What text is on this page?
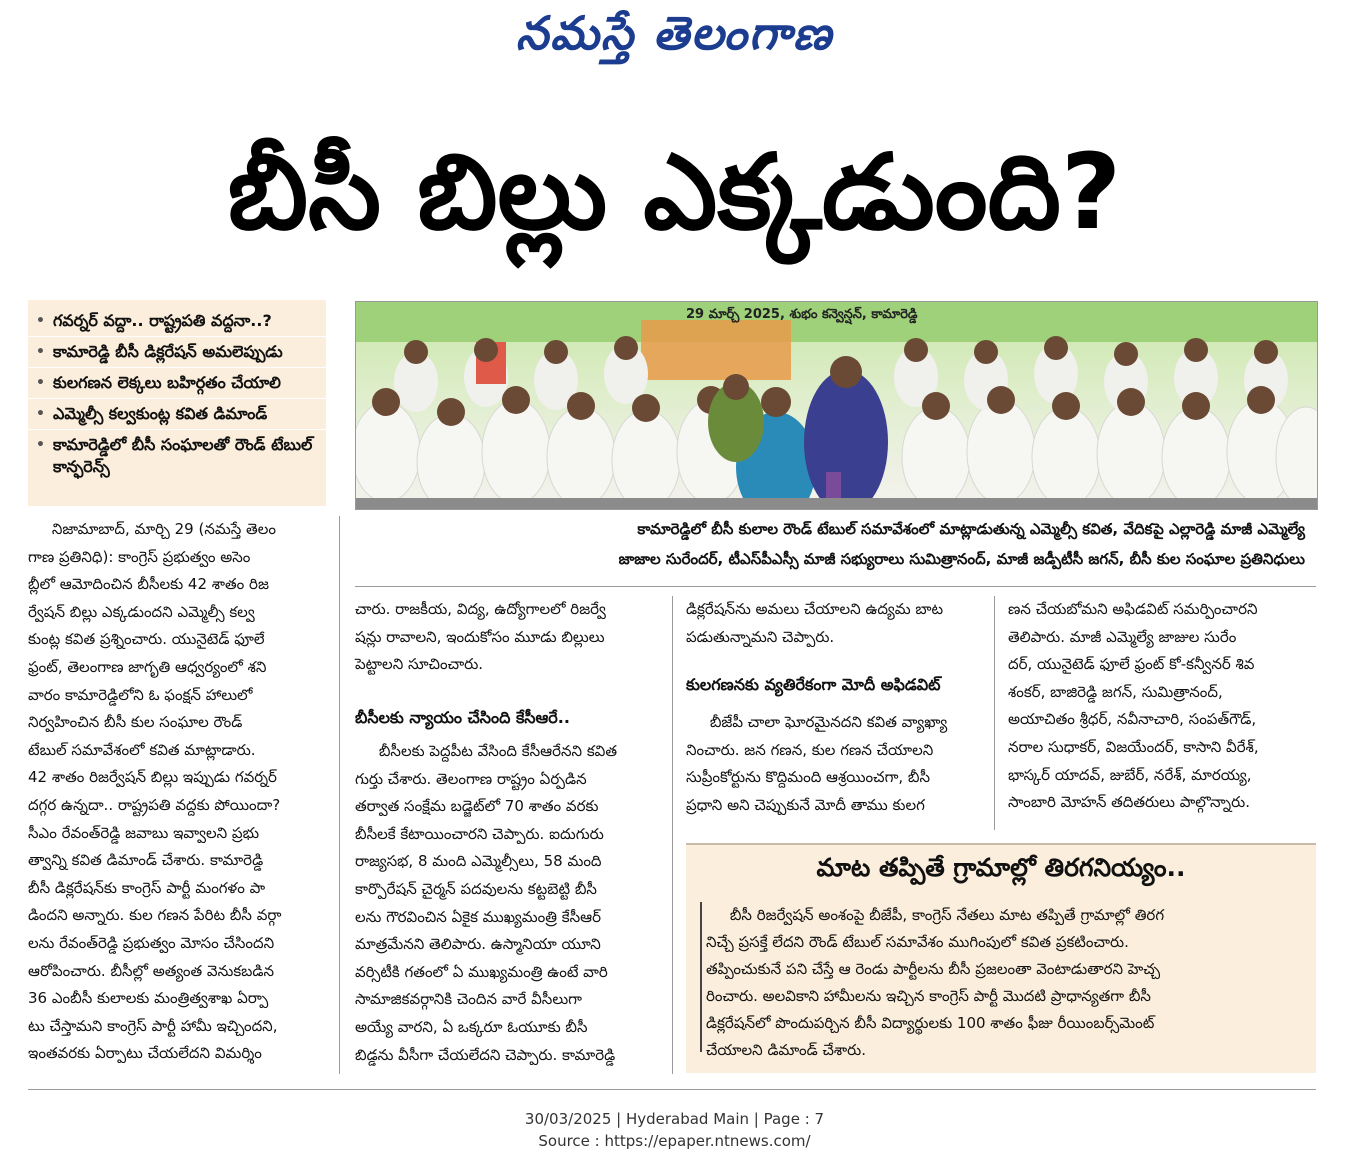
నమస్తే తెలంగాణ
బీసీ బిల్లు ఎక్కడుంది?
• గవర్నర్ వద్దా.. రాష్ట్రపతి వద్దనా..?
• కామారెడ్డి బీసీ డిక్లరేషన్ అమలెప్పుడు
• కులగణన లెక్కలు బహిర్గతం చేయాలి
• ఎమ్మెల్సీ కల్వకుంట్ల కవిత డిమాండ్
• కామారెడ్డిలో బీసీ సంఘాలతో రౌండ్ టేబుల్ కాన్ఫరెన్స్
29 మార్చ్ 2025, శుభం కన్వెన్షన్, కామారెడ్డి
కామారెడ్డిలో బీసీ కులాల రౌండ్ టేబుల్ సమావేశంలో మాట్లాడుతున్న ఎమ్మెల్సీ కవిత, వేదికపై ఎల్లారెడ్డి మాజీ ఎమ్మెల్యే
జాజాల సురేందర్, టీఎస్‌పీఎస్సీ మాజీ సభ్యురాలు సుమిత్రానంద్, మాజీ జడ్పీటీసీ జగన్, బీసీ కుల సంఘాల ప్రతినిధులు
నిజామాబాద్, మార్చి 29 (నమస్తే తెలం
గాణ ప్రతినిధి): కాంగ్రెస్ ప్రభుత్వం అసెం
బ్లీలో ఆమోదించిన బీసీలకు 42 శాతం రిజ
ర్వేషన్ బిల్లు ఎక్కడుందని ఎమ్మెల్సీ కల్వ
కుంట్ల కవిత ప్రశ్నించారు. యునైటెడ్ ఫూలే
ఫ్రంట్, తెలంగాణ జాగృతి ఆధ్వర్యంలో శని
వారం కామారెడ్డిలోని ఓ ఫంక్షన్ హాలులో
నిర్వహించిన బీసీ కుల సంఘాల రౌండ్
టేబుల్ సమావేశంలో కవిత మాట్లాడారు.
42 శాతం రిజర్వేషన్ బిల్లు ఇప్పుడు గవర్నర్
దగ్గర ఉన్నదా.. రాష్ట్రపతి వద్దకు పోయిందా?
సీఎం రేవంత్‌రెడ్డి జవాబు ఇవ్వాలని ప్రభు
త్వాన్ని కవిత డిమాండ్ చేశారు. కామారెడ్డి
బీసీ డిక్లరేషన్‌కు కాంగ్రెస్ పార్టీ మంగళం పా
డిందని అన్నారు. కుల గణన పేరిట బీసీ వర్గా
లను రేవంత్‌రెడ్డి ప్రభుత్వం మోసం చేసిందని
ఆరోపించారు. బీసీల్లో అత్యంత వెనుకబడిన
36 ఎంబీసీ కులాలకు మంత్రిత్వశాఖ ఏర్పా
టు చేస్తామని కాంగ్రెస్ పార్టీ హామీ ఇచ్చిందని,
ఇంతవరకు ఏర్పాటు చేయలేదని విమర్శిం
చారు. రాజకీయ, విద్య, ఉద్యోగాలలో రిజర్వే
షన్లు రావాలని, ఇందుకోసం మూడు బిల్లులు
పెట్టాలని సూచించారు.
బీసీలకు న్యాయం చేసింది కేసీఆరే..
బీసీలకు పెద్దపీట వేసింది కేసీఆరేనని కవిత
గుర్తు చేశారు. తెలంగాణ రాష్ట్రం ఏర్పడిన
తర్వాత సంక్షేమ బడ్జెట్‌లో 70 శాతం వరకు
బీసీలకే కేటాయించారని చెప్పారు. ఐదుగురు
రాజ్యసభ, 8 మంది ఎమ్మెల్సీలు, 58 మంది
కార్పొరేషన్ చైర్మన్ పదవులను కట్టబెట్టి బీసీ
లను గౌరవించిన ఏకైక ముఖ్యమంత్రి కేసీఆర్
మాత్రమేనని తెలిపారు. ఉస్మానియా యూని
వర్సిటీకి గతంలో ఏ ముఖ్యమంత్రి ఉంటే వారి
సామాజికవర్గానికి చెందిన వారే వీసీలుగా
అయ్యే వారని, ఏ ఒక్కరూ ఓయూకు బీసీ
బిడ్డను వీసీగా చేయలేదని చెప్పారు. కామారెడ్డి
డిక్లరేషన్‌ను అమలు చేయాలని ఉద్యమ బాట
పడుతున్నామని చెప్పారు.
కులగణనకు వ్యతిరేకంగా మోదీ అఫిడవిట్
బీజేపీ చాలా ఘోరమైనదని కవిత వ్యాఖ్యా
నించారు. జన గణన, కుల గణన చేయాలని
సుప్రీంకోర్టును కొద్దిమంది ఆశ్రయించగా, బీసీ
ప్రధాని అని చెప్పుకునే మోదీ తాము కులగ
ణన చేయబోమని అఫిడవిట్ సమర్పించారని
తెలిపారు. మాజీ ఎమ్మెల్యే జాజుల సురేం
దర్, యునైటెడ్ ఫూలే ఫ్రంట్ కో-కన్వీనర్ శివ
శంకర్, బాజిరెడ్డి జగన్, సుమిత్రానంద్,
అయాచితం శ్రీధర్, నవీనాచారి, సంపత్‌గౌడ్,
నరాల సుధాకర్, విజయేందర్, కాసాని వీరేశ్,
భాస్కర్ యాదవ్, జుబేర్, నరేశ్, మారయ్య,
సాంబారి మోహన్ తదితరులు పాల్గొన్నారు.
మాట తప్పితే గ్రామాల్లో తిరగనియ్యం..
బీసీ రిజర్వేషన్ అంశంపై బీజేపీ, కాంగ్రెస్ నేతలు మాట తప్పితే గ్రామాల్లో తిరగ
నిచ్చే ప్రసక్తే లేదని రౌండ్ టేబుల్ సమావేశం ముగింపులో కవిత ప్రకటించారు.
తప్పించుకునే పని చేస్తే ఆ రెండు పార్టీలను బీసీ ప్రజలంతా వెంటాడుతారని హెచ్చ
రించారు. అలవికాని హామీలను ఇచ్చిన కాంగ్రెస్ పార్టీ మొదటి ప్రాధాన్యతగా బీసీ
డిక్లరేషన్‌లో పొందుపర్చిన బీసీ విద్యార్థులకు 100 శాతం ఫీజు రీయింబర్స్‌మెంట్
చేయాలని డిమాండ్ చేశారు.
30/03/2025 | Hyderabad Main | Page : 7
Source : https://epaper.ntnews.com/
